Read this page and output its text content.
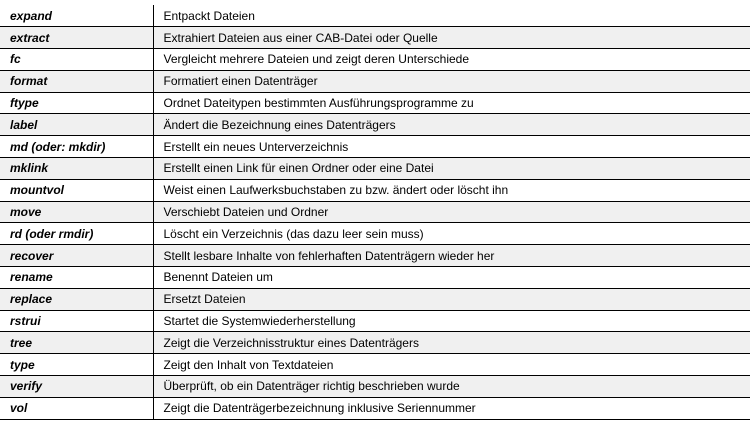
expand	Entpackt Dateien
extract	Extrahiert Dateien aus einer CAB-Datei oder Quelle
fc	Vergleicht mehrere Dateien und zeigt deren Unterschiede
format	Formatiert einen Datenträger
ftype	Ordnet Dateitypen bestimmten Ausführungsprogramme zu
label	Ändert die Bezeichnung eines Datenträgers
md (oder: mkdir)	Erstellt ein neues Unterverzeichnis
mklink	Erstellt einen Link für einen Ordner oder eine Datei
mountvol	Weist einen Laufwerksbuchstaben zu bzw. ändert oder löscht ihn
move	Verschiebt Dateien und Ordner
rd (oder rmdir)	Löscht ein Verzeichnis (das dazu leer sein muss)
recover	Stellt lesbare Inhalte von fehlerhaften Datenträgern wieder her
rename	Benennt Dateien um
replace	Ersetzt Dateien
rstrui	Startet die Systemwiederherstellung
tree	Zeigt die Verzeichnisstruktur eines Datenträgers
type	Zeigt den Inhalt von Textdateien
verify	Überprüft, ob ein Datenträger richtig beschrieben wurde
vol	Zeigt die Datenträgerbezeichnung inklusive Seriennummer
